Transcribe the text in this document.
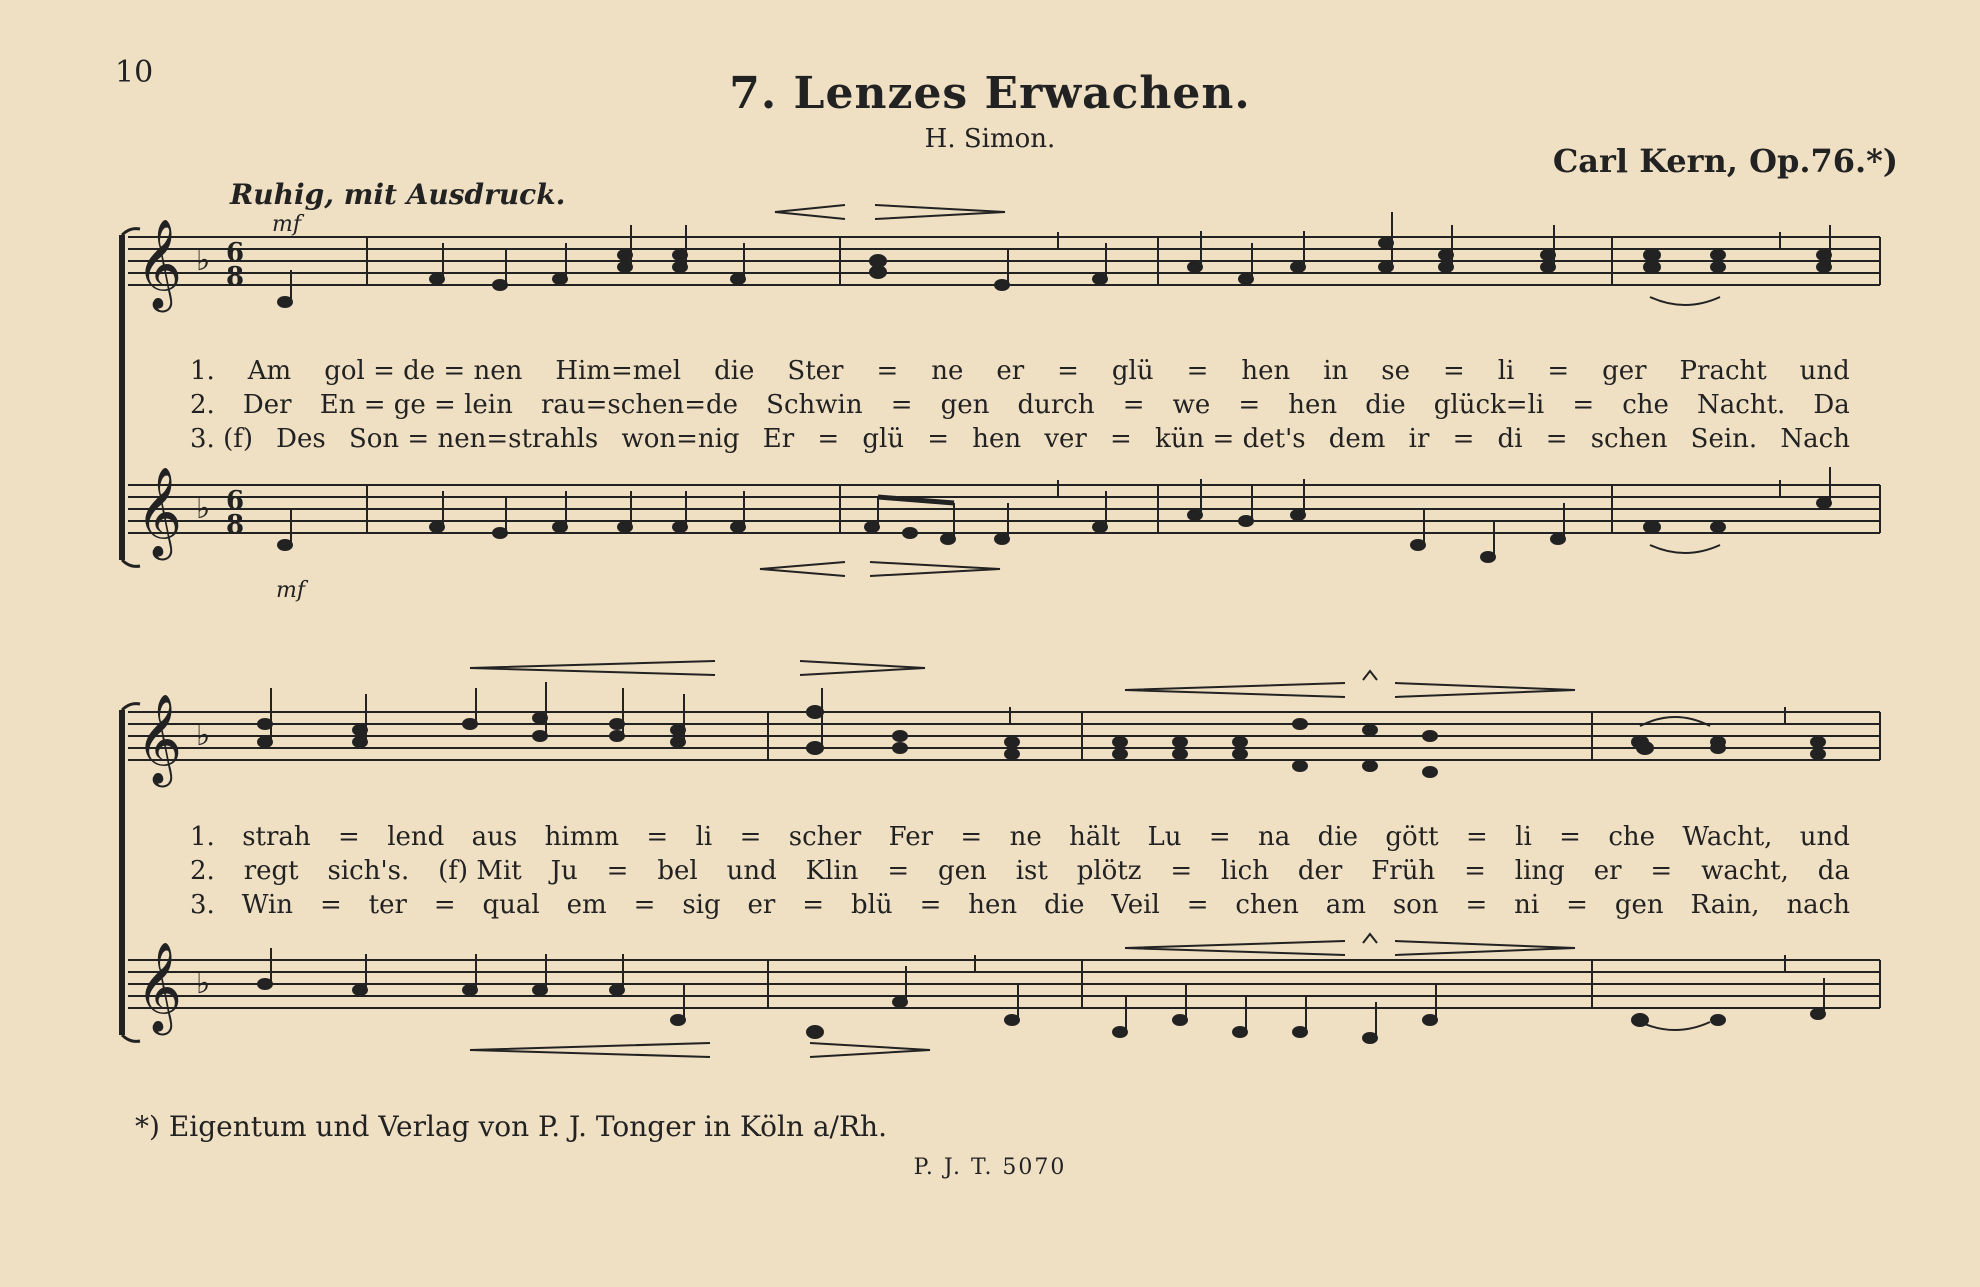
10	7. Lenzes Erwachen.
H. Simon.
Carl Kern, Op.76.*)
Ruhig, mit Ausdruck.
mf
mf
𝄞
𝄞
♭
♭
6
8
6
8
1. Am gol = de = nen Him=mel die Ster = ne er = glü = hen in se = li = ger Pracht und
2. Der En = ge = lein rau=schen=de Schwin = gen durch = we = hen die glück=li = che Nacht. Da
3. (f) Des Son = nen=strahls won=nig Er = glü = hen ver = kün = det's dem ir = di = schen Sein. Nach
𝄞
𝄞
♭
♭
1. strah = lend aus himm = li = scher Fer = ne hält Lu = na die gött = li = che Wacht, und
2. regt sich's. (f) Mit Ju = bel und Klin = gen ist plötz = lich der Früh = ling er = wacht, da
3. Win = ter = qual em = sig er = blü = hen die Veil = chen am son = ni = gen Rain, nach
*) Eigentum und Verlag von P. J. Tonger in Köln a/Rh.
P. J. T. 5070
